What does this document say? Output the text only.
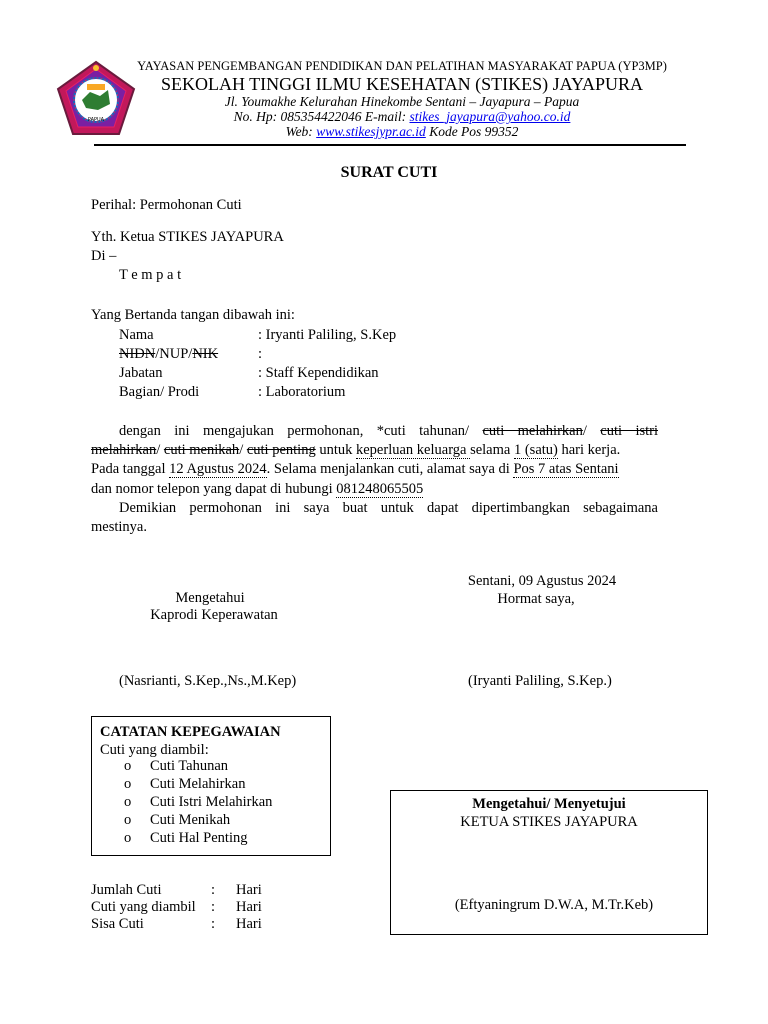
PAPUA
YAYASAN PENGEMBANGAN PENDIDIKAN DAN PELATIHAN MASYARAKAT PAPUA (YP3MP)
SEKOLAH TINGGI ILMU KESEHATAN (STIKES) JAYAPURA
Jl. Youmakhe Kelurahan Hinekombe Sentani – Jayapura – Papua
No. Hp: 085354422046 E-mail: stikes_jayapura@yahoo.co.id
Web: www.stikesjypr.ac.id Kode Pos 99352
SURAT CUTI
Perihal: Permohonan Cuti
Yth. Ketua STIKES JAYAPURA
Di –
T e m p a t
Yang Bertanda tangan dibawah ini:
Nama	: Iryanti Paliling, S.Kep
NIDN/NUP/NIK	:
Jabatan	: Staff Kependidikan
Bagian/ Prodi	: Laboratorium
dengan ini mengajukan permohonan, *cuti tahunan/ cuti melahirkan/ cuti istri
melahirkan/ cuti menikah/ cuti penting untuk keperluan keluarga selama 1 (satu) hari kerja.
Pada tanggal 12 Agustus 2024. Selama menjalankan cuti, alamat saya di Pos 7 atas Sentani
dan nomor telepon yang dapat di hubungi 081248065505
Demikian permohonan ini saya buat untuk dapat dipertimbangkan sebagaimana
mestinya.
Sentani, 09 Agustus 2024
Hormat saya,
Mengetahui
Kaprodi Keperawatan
(Nasrianti, S.Kep.,Ns.,M.Kep)	(Iryanti Paliling, S.Kep.)
CATATAN KEPEGAWAIAN
Cuti yang diambil:
o Cuti Tahunan
o Cuti Melahirkan
o Cuti Istri Melahirkan
o Cuti Menikah
o Cuti Hal Penting
Jumlah Cuti	: Hari
Cuti yang diambil : Hari
Sisa Cuti	: Hari
Mengetahui/ Menyetujui
KETUA STIKES JAYAPURA
(Eftyaningrum D.W.A, M.Tr.Keb)
